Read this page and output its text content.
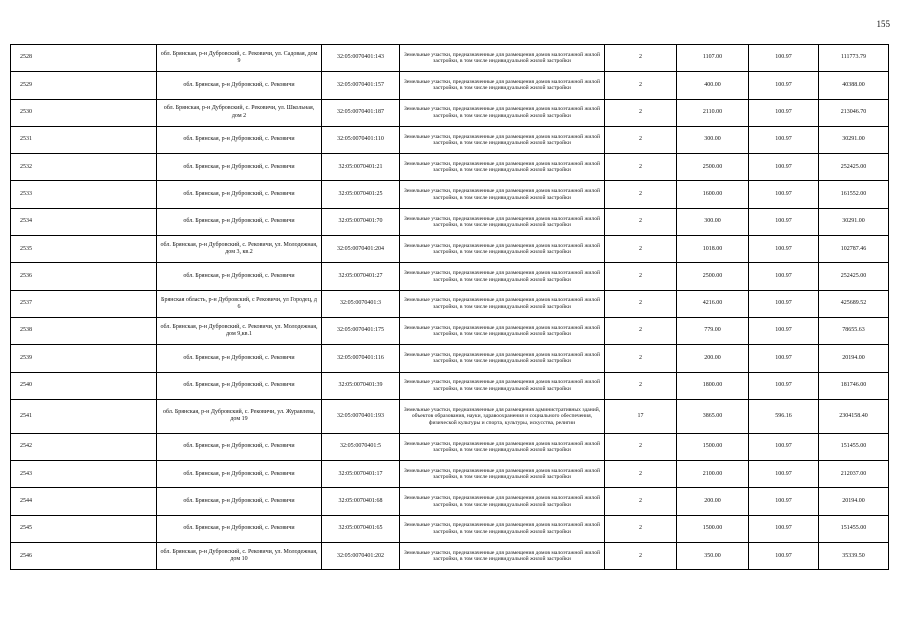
155
2528	обл. Брянская, р-н Дубровский, с. Рековичи, ул. Садовая, дом 9	32:05:0070401:143	Земельные участки, предназначенные для размещения домов малоэтажной жилой застройки, в том числе индивидуальной жилой застройки	2	1107.00	100.97	111773.79
2529	обл. Брянская, р-н Дубровский, с. Рековичи	32:05:0070401:157	Земельные участки, предназначенные для размещения домов малоэтажной жилой застройки, в том числе индивидуальной жилой застройки	2	400.00	100.97	40388.00
2530	обл. Брянская, р-н Дубровский, с. Рековичи, ул. Школьная, дом 2	32:05:0070401:187	Земельные участки, предназначенные для размещения домов малоэтажной жилой застройки, в том числе индивидуальной жилой застройки	2	2110.00	100.97	213046.70
2531	обл. Брянская, р-н Дубровский, с. Рековичи	32:05:0070401:110	Земельные участки, предназначенные для размещения домов малоэтажной жилой застройки, в том числе индивидуальной жилой застройки	2	300.00	100.97	30291.00
2532	обл. Брянская, р-н Дубровский, с. Рековичи	32:05:0070401:21	Земельные участки, предназначенные для размещения домов малоэтажной жилой застройки, в том числе индивидуальной жилой застройки	2	2500.00	100.97	252425.00
2533	обл. Брянская, р-н Дубровский, с. Рековичи	32:05:0070401:25	Земельные участки, предназначенные для размещения домов малоэтажной жилой застройки, в том числе индивидуальной жилой застройки	2	1600.00	100.97	161552.00
2534	обл. Брянская, р-н Дубровский, с. Рековичи	32:05:0070401:70	Земельные участки, предназначенные для размещения домов малоэтажной жилой застройки, в том числе индивидуальной жилой застройки	2	300.00	100.97	30291.00
2535	обл. Брянская, р-н Дубровский, с. Рековичи, ул. Молодежная, дом 3, кв.2	32:05:0070401:204	Земельные участки, предназначенные для размещения домов малоэтажной жилой застройки, в том числе индивидуальной жилой застройки	2	1018.00	100.97	102787.46
2536	обл. Брянская, р-н Дубровский, с. Рековичи	32:05:0070401:27	Земельные участки, предназначенные для размещения домов малоэтажной жилой застройки, в том числе индивидуальной жилой застройки	2	2500.00	100.97	252425.00
2537	Брянская область, р-н Дубровский, с Рековичи, ул Городец, д 6	32:05:0070401:3	Земельные участки, предназначенные для размещения домов малоэтажной жилой застройки, в том числе индивидуальной жилой застройки	2	4216.00	100.97	425689.52
2538	обл. Брянская, р-н Дубровский, с. Рековичи, ул. Молодежная, дом 9,кв.1	32:05:0070401:175	Земельные участки, предназначенные для размещения домов малоэтажной жилой застройки, в том числе индивидуальной жилой застройки	2	779.00	100.97	78655.63
2539	обл. Брянская, р-н Дубровский, с. Рековичи	32:05:0070401:116	Земельные участки, предназначенные для размещения домов малоэтажной жилой застройки, в том числе индивидуальной жилой застройки	2	200.00	100.97	20194.00
2540	обл. Брянская, р-н Дубровский, с. Рековичи	32:05:0070401:39	Земельные участки, предназначенные для размещения домов малоэтажной жилой застройки, в том числе индивидуальной жилой застройки	2	1800.00	100.97	181746.00
2541	обл. Брянская, р-н Дубровский, с. Рековичи, ул. Журавлева, дом 19	32:05:0070401:193	Земельные участки, предназначенные для размещения административных зданий, объектов образования, науки, здравоохранения и социального обеспечения, физической культуры и спорта, культуры, искусства, религии	17	3865.00	596.16	2304158.40
2542	обл. Брянская, р-н Дубровский, с. Рековичи	32:05:0070401:5	Земельные участки, предназначенные для размещения домов малоэтажной жилой застройки, в том числе индивидуальной жилой застройки	2	1500.00	100.97	151455.00
2543	обл. Брянская, р-н Дубровский, с. Рековичи	32:05:0070401:17	Земельные участки, предназначенные для размещения домов малоэтажной жилой застройки, в том числе индивидуальной жилой застройки	2	2100.00	100.97	212037.00
2544	обл. Брянская, р-н Дубровский, с. Рековичи	32:05:0070401:68	Земельные участки, предназначенные для размещения домов малоэтажной жилой застройки, в том числе индивидуальной жилой застройки	2	200.00	100.97	20194.00
2545	обл. Брянская, р-н Дубровский, с. Рековичи	32:05:0070401:65	Земельные участки, предназначенные для размещения домов малоэтажной жилой застройки, в том числе индивидуальной жилой застройки	2	1500.00	100.97	151455.00
2546	обл. Брянская, р-н Дубровский, с. Рековичи, ул. Молодежная, дом 10	32:05:0070401:202	Земельные участки, предназначенные для размещения домов малоэтажной жилой застройки, в том числе индивидуальной жилой застройки	2	350.00	100.97	35339.50
